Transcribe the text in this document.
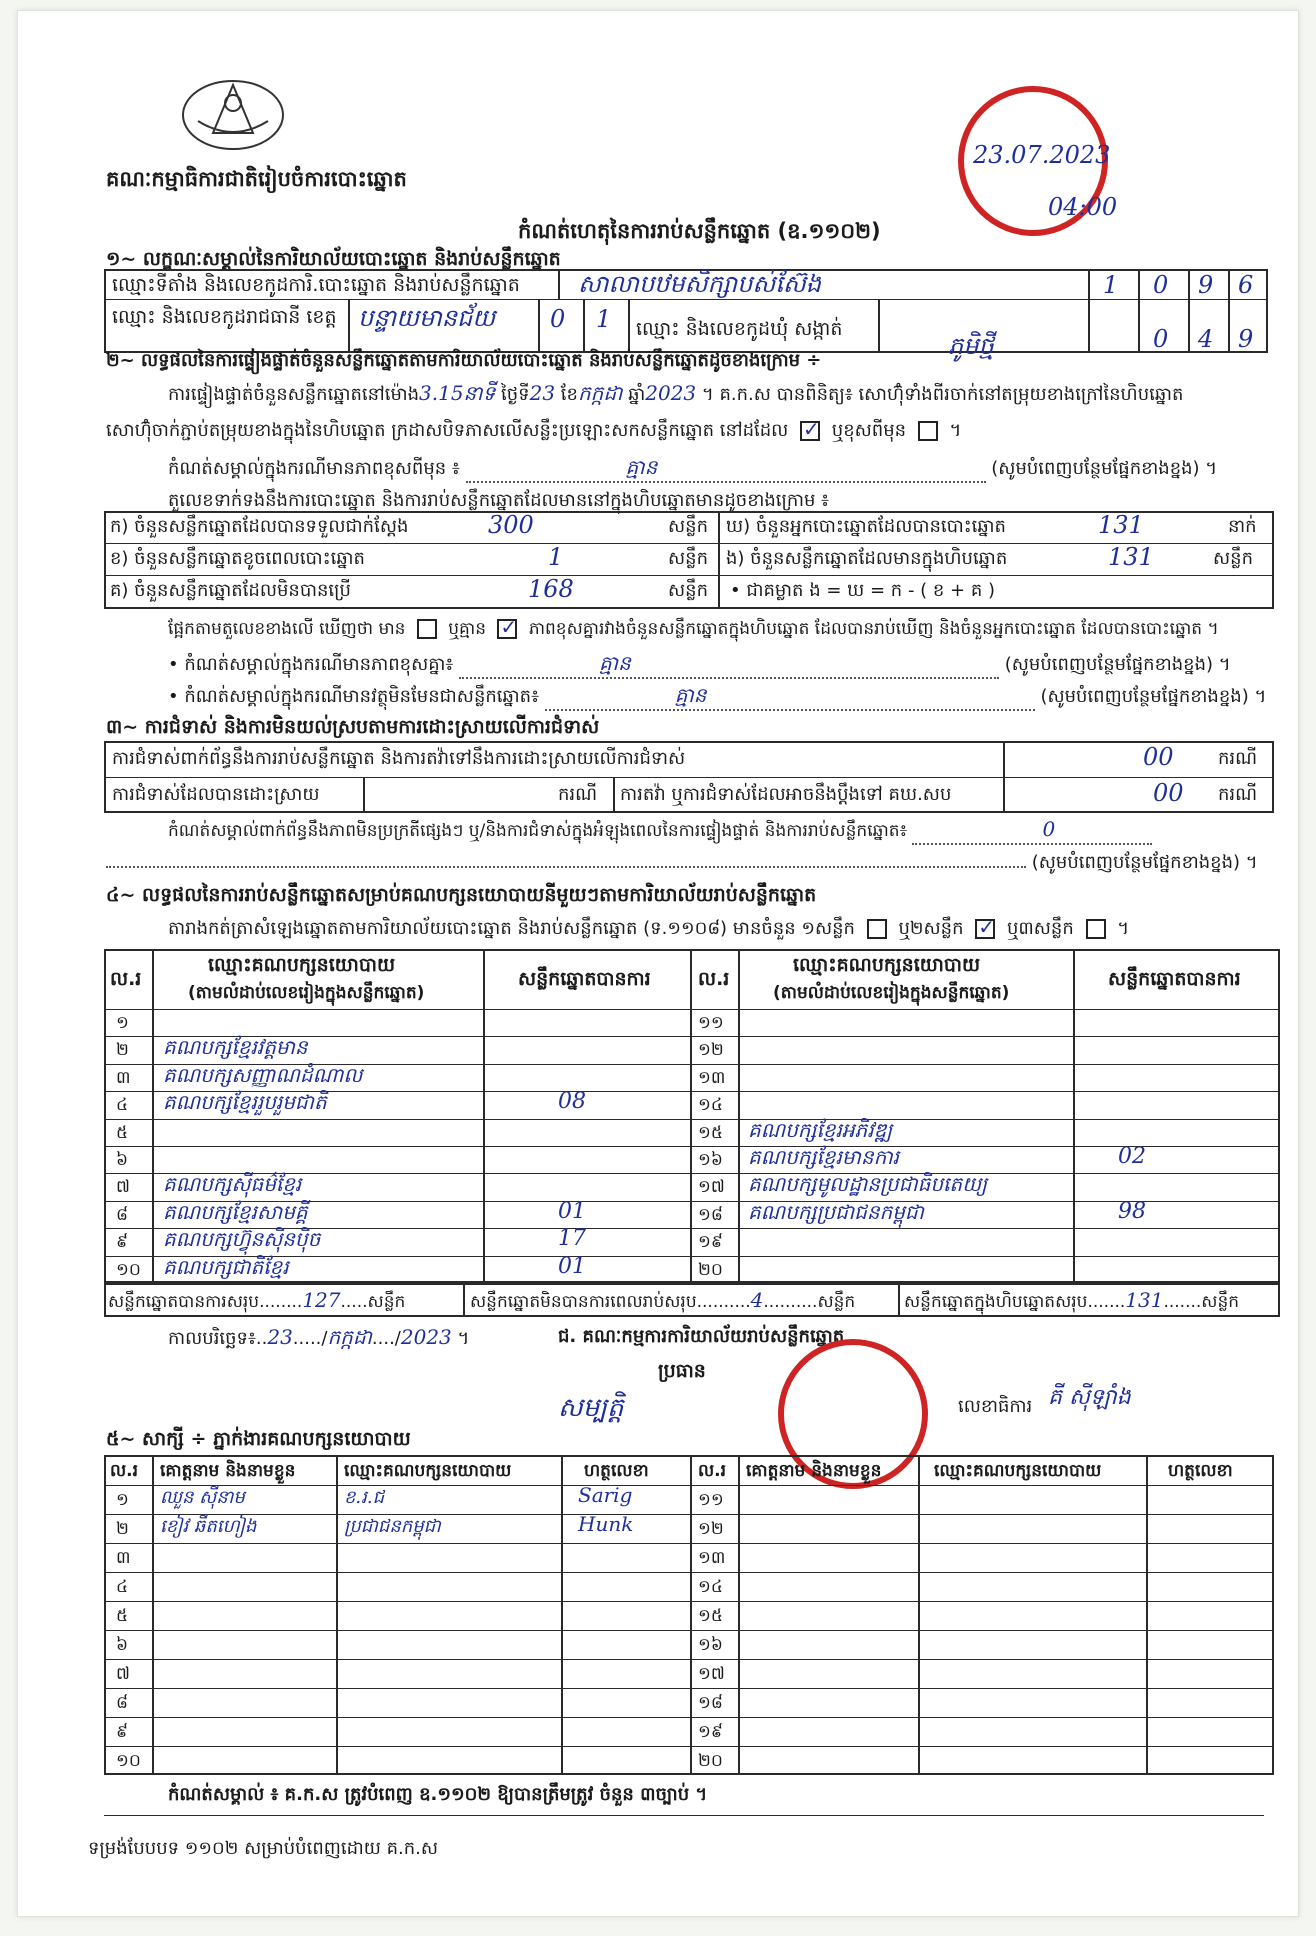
គណៈកម្មាធិការជាតិរៀបចំការបោះឆ្នោត
23.07.2023
04:00
កំណត់ហេតុនៃការរាប់សន្លឹកឆ្នោត (ឧ.១១០២)
១~ លក្ខណៈសម្គាល់នៃការិយាល័យបោះឆ្នោត និងរាប់សន្លឹកឆ្នោត
ឈ្មោះទីតាំង និងលេខកូដការិ.បោះឆ្នោត និងរាប់សន្លឹកឆ្នោត សាលាបឋមសិក្សាបស់ស៊ែង	1 0 9 6
ឈ្មោះ និងលេខកូដរាជធានី ខេត្ត បន្ទាយមានជ័យ 0 1 ឈ្មោះ និងលេខកូដឃុំ សង្កាត់
ភូមិថ្មី	0 4 9
២~ លទ្ធផលនៃការផ្ទៀងផ្ទាត់ចំនួនសន្លឹកឆ្នោតតាមការិយាល័យបោះឆ្នោត និងរាប់សន្លឹកឆ្នោតដូចខាងក្រោម ÷
ការផ្ទៀងផ្ទាត់ចំនួនសន្លឹកឆ្នោតនៅម៉ោង3.15នាទី ថ្ងៃទី23 ខែកក្កដា ឆ្នាំ2023 ។ គ.ក.ស បានពិនិត្យ៖ សោហ៊ុំទាំងពីរចាក់នៅតម្រុយខាងក្រៅនៃហិបឆ្នោត
សោហ៊ុំចាក់ភ្ជាប់តម្រុយខាងក្នុងនៃហិបឆ្នោត ក្រដាសបិទភាសលើសន្លឹះប្រឡោះសកសន្លឹកឆ្នោត នៅដដែល ✓ ឬខុសពីមុន  ។
កំណត់សម្គាល់ក្នុងករណីមានភាពខុសពីមុន ៖	គ្មាន	(សូមបំពេញបន្ថែមផ្នែកខាងខ្នង) ។
តួលេខទាក់ទងនឹងការបោះឆ្នោត និងការរាប់សន្លឹកឆ្នោតដែលមាននៅក្នុងហិបឆ្នោតមានដូចខាងក្រោម ៖
ក) ចំនួនសន្លឹកឆ្នោតដែលបានទទួលជាក់ស្តែង	300	សន្លឹក
ខ) ចំនួនសន្លឹកឆ្នោតខូចពេលបោះឆ្នោត	1	សន្លឹក
គ) ចំនួនសន្លឹកឆ្នោតដែលមិនបានប្រើ	168	សន្លឹក
ឃ) ចំនួនអ្នកបោះឆ្នោតដែលបានបោះឆ្នោត	131	នាក់
ង) ចំនួនសន្លឹកឆ្នោតដែលមានក្នុងហិបឆ្នោត	131	សន្លឹក
• ជាគម្លាត ង = ឃ = ក - ( ខ + គ )
ផ្អែកតាមតួលេខខាងលើ ឃើញថា មាន	ឬគ្មាន ✓	ភាពខុសគ្នារវាងចំនួនសន្លឹកឆ្នោតក្នុងហិបឆ្នោត ដែលបានរាប់ឃើញ និងចំនួនអ្នកបោះឆ្នោត ដែលបានបោះឆ្នោត ។
• កំណត់សម្គាល់ក្នុងករណីមានភាពខុសគ្នា៖	គ្មាន	(សូមបំពេញបន្ថែមផ្នែកខាងខ្នង) ។
• កំណត់សម្គាល់ក្នុងករណីមានវត្ថុមិនមែនជាសន្លឹកឆ្នោត៖	គ្មាន	(សូមបំពេញបន្ថែមផ្នែកខាងខ្នង) ។
៣~ ការជំទាស់ និងការមិនយល់ស្របតាមការដោះស្រាយលើការជំទាស់
ការជំទាស់ពាក់ព័ន្ធនឹងការរាប់សន្លឹកឆ្នោត និងការតវ៉ាទៅនឹងការដោះស្រាយលើការជំទាស់	00 ករណី
ការជំទាស់ដែលបានដោះស្រាយ	ករណី ការតវ៉ា ឬការជំទាស់ដែលអាចនឹងប្តឹងទៅ គឃ.សប	00 ករណី
កំណត់សម្គាល់ពាក់ព័ន្ធនឹងភាពមិនប្រក្រតីផ្សេងៗ ឬ/និងការជំទាស់ក្នុងអំឡុងពេលនៃការផ្ទៀងផ្ទាត់ និងការរាប់សន្លឹកឆ្នោត៖	0
(សូមបំពេញបន្ថែមផ្នែកខាងខ្នង) ។
៤~ លទ្ធផលនៃការរាប់សន្លឹកឆ្នោតសម្រាប់គណបក្សនយោបាយនីមួយៗតាមការិយាល័យរាប់សន្លឹកឆ្នោត
តារាងកត់ត្រាសំឡេងឆ្នោតតាមការិយាល័យបោះឆ្នោត និងរាប់សន្លឹកឆ្នោត (ទ.១១០៨) មានចំនួន ១សន្លឹក ឬ២សន្លឹក ✓ ឬ៣សន្លឹក  ។
ល.រ
ឈ្មោះគណបក្សនយោបាយ
(តាមលំដាប់លេខរៀងក្នុងសន្លឹកឆ្នោត)
សន្លឹកឆ្នោតបានការ ល.រ
ឈ្មោះគណបក្សនយោបាយ
(តាមលំដាប់លេខរៀងក្នុងសន្លឹកឆ្នោត)
សន្លឹកឆ្នោតបានការ
១
២ គណបក្សខ្មែរវត្តមាន
៣ គណបក្សសញ្ញាណដំណាល
៤ គណបក្សខ្មែររួបរួមជាតិ	08
៥
៦
៧ គណបក្សស៊ីធម៌ខ្មែរ
៨ គណបក្សខ្មែរសាមគ្គី	01
៩ គណបក្សហ៊្វុនស៊ិនប៉ិច	17
១០ គណបក្សជាតិខ្មែរ	01
១១
១២
១៣
១៤
១៥ គណបក្សខ្មែរអភិវឌ្ឍ
១៦ គណបក្សខ្មែរមានការ	02
១៧ គណបក្សមូលដ្ឋានប្រជាធិបតេយ្យ
១៨ គណបក្សប្រជាជនកម្ពុជា	98
១៩
២០
សន្លឹកឆ្នោតបានការសរុប........127.....សន្លឹក	សន្លឹកឆ្នោតមិនបានការពេលរាប់សរុប..........4..........សន្លឹក	សន្លឹកឆ្នោតក្នុងហិបឆ្នោតសរុប.......131.......សន្លឹក
កាលបរិច្ឆេទ៖..23...../កក្កដា..../2023 ។	ជ. គណៈកម្មការការិយាល័យរាប់សន្លឹកឆ្នោត
ប្រធាន
សម្បត្តិ	លេខាធិការ គី ស៊ីឡាំង
៥~ សាក្សី ÷ ភ្នាក់ងារគណបក្សនយោបាយ
ល.រ គោត្តនាម និងនាមខ្លួន	ឈ្មោះគណបក្សនយោបាយ	ហត្ថលេខា	ល.រ គោត្តនាម និងនាមខ្លួន	ឈ្មោះគណបក្សនយោបាយ	ហត្ថលេខា
១ ឈួន ស៊ីនាម	ខ.រ.ជ	Sarig
២ ខៀវ ឆឹតហៀង	ប្រជាជនកម្ពុជា	Hunk
៣
៤
៥
៦
៧
៨
៩
១០
១១
១២
១៣
១៤
១៥
១៦
១៧
១៨
១៩
២០
កំណត់សម្គាល់ ៖ គ.ក.ស ត្រូវបំពេញ ឧ.១១០២ ឱ្យបានត្រឹមត្រូវ ចំនួន ៣ច្បាប់ ។
ទម្រង់បែបបទ ១១០២ សម្រាប់បំពេញដោយ គ.ក.ស
